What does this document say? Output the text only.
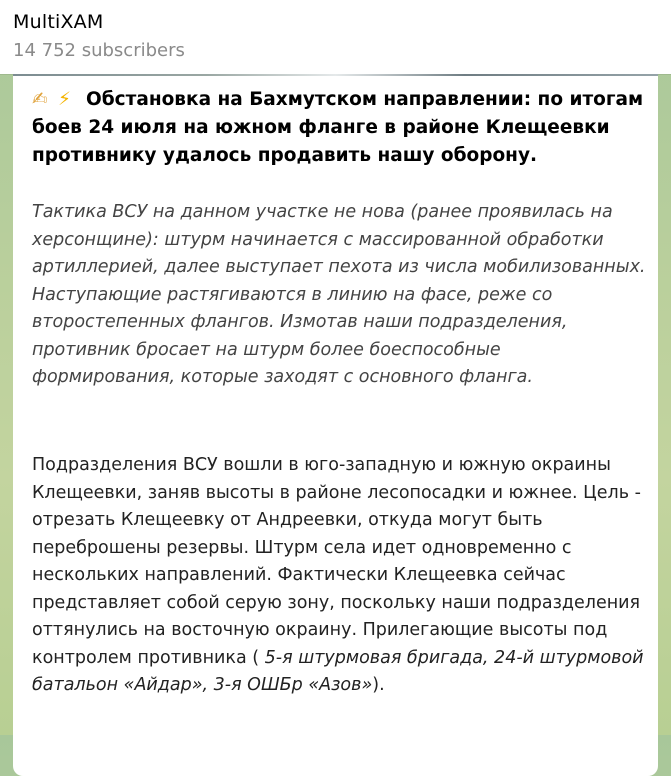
MultiXAM
14 752 subscribers
✍ ⚡ Обстановка на Бахмутском направлении: по итогам боев 24 июля на южном фланге в районе Клещеевки противнику удалось продавить нашу оборону.
Тактика ВСУ на данном участке не нова (ранее проявилась на херсонщине): штурм начинается с массированной обработки артиллерией, далее выступает пехота из числа мобилизованных. Наступающие растягиваются в линию на фасе, реже со второстепенных флангов. Измотав наши подразделения, противник бросает на штурм более боеспособные формирования, которые заходят с основного фланга.
Подразделения ВСУ вошли в юго-западную и южную окраины Клещеевки, заняв высоты в районе лесопосадки и южнее. Цель - отрезать Клещеевку от Андреевки, откуда могут быть переброшены резервы. Штурм села идет одновременно с нескольких направлений. Фактически Клещеевка сейчас представляет собой серую зону, поскольку наши подразделения оттянулись на восточную окраину. Прилегающие высоты под контролем противника ( 5-я штурмовая бригада, 24-й штурмовой батальон «Айдар», 3-я ОШБр «Азов»).
